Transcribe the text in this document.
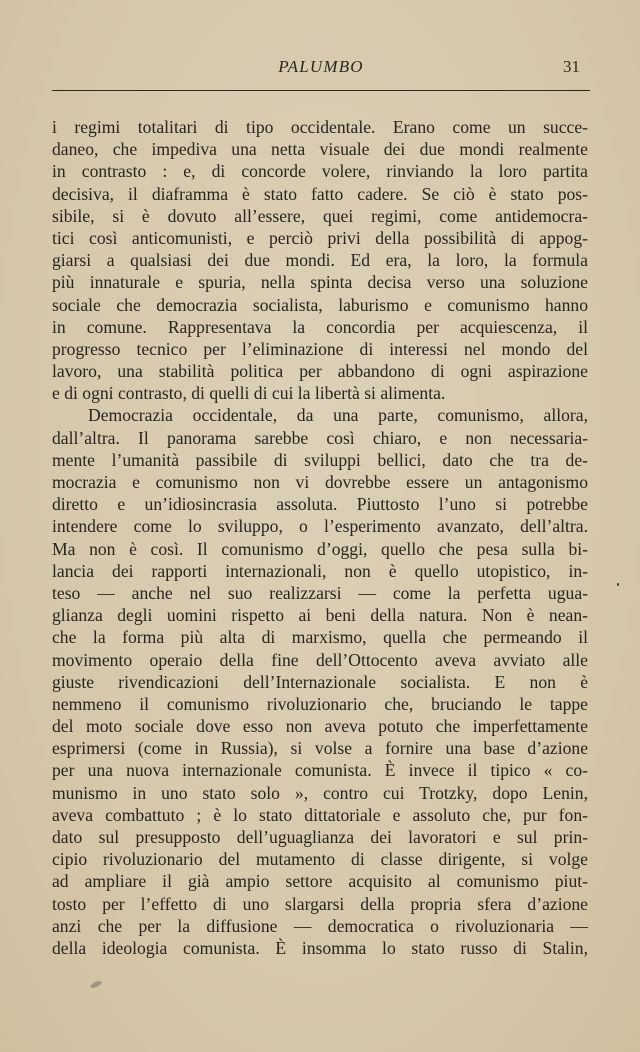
PALUMBO	31
i regimi totalitari di tipo occidentale. Erano come un succe-
daneo, che impediva una netta visuale dei due mondi realmente
in contrasto : e, di concorde volere, rinviando la loro partita
decisiva, il diaframma è stato fatto cadere. Se ciò è stato pos-
sibile, si è dovuto all’essere, quei regimi, come antidemocra-
tici così anticomunisti, e perciò privi della possibilità di appog-
giarsi a qualsiasi dei due mondi. Ed era, la loro, la formula
più innaturale e spuria, nella spinta decisa verso una soluzione
sociale che democrazia socialista, laburismo e comunismo hanno
in comune. Rappresentava la concordia per acquiescenza, il
progresso tecnico per l’eliminazione di interessi nel mondo del
lavoro, una stabilità politica per abbandono di ogni aspirazione
e di ogni contrasto, di quelli di cui la libertà si alimenta.
Democrazia occidentale, da una parte, comunismo, allora,
dall’altra. Il panorama sarebbe così chiaro, e non necessaria-
mente l’umanità passibile di sviluppi bellici, dato che tra de-
mocrazia e comunismo non vi dovrebbe essere un antagonismo
diretto e un’idiosincrasia assoluta. Piuttosto l’uno si potrebbe
intendere come lo sviluppo, o l’esperimento avanzato, dell’altra.
Ma non è così. Il comunismo d’oggi, quello che pesa sulla bi-
lancia dei rapporti internazionali, non è quello utopistico, in-
teso — anche nel suo realizzarsi — come la perfetta ugua-
glianza degli uomini rispetto ai beni della natura. Non è nean-
che la forma più alta di marxismo, quella che permeando il
movimento operaio della fine dell’Ottocento aveva avviato alle
giuste rivendicazioni dell’Internazionale socialista. E non è
nemmeno il comunismo rivoluzionario che, bruciando le tappe
del moto sociale dove esso non aveva potuto che imperfettamente
esprimersi (come in Russia), si volse a fornire una base d’azione
per una nuova internazionale comunista. È invece il tipico « co-
munismo in uno stato solo », contro cui Trotzky, dopo Lenin,
aveva combattuto ; è lo stato dittatoriale e assoluto che, pur fon-
dato sul presupposto dell’uguaglianza dei lavoratori e sul prin-
cipio rivoluzionario del mutamento di classe dirigente, si volge
ad ampliare il già ampio settore acquisito al comunismo piut-
tosto per l’effetto di uno slargarsi della propria sfera d’azione
anzi che per la diffusione — democratica o rivoluzionaria —
della ideologia comunista. È insomma lo stato russo di Stalin,
